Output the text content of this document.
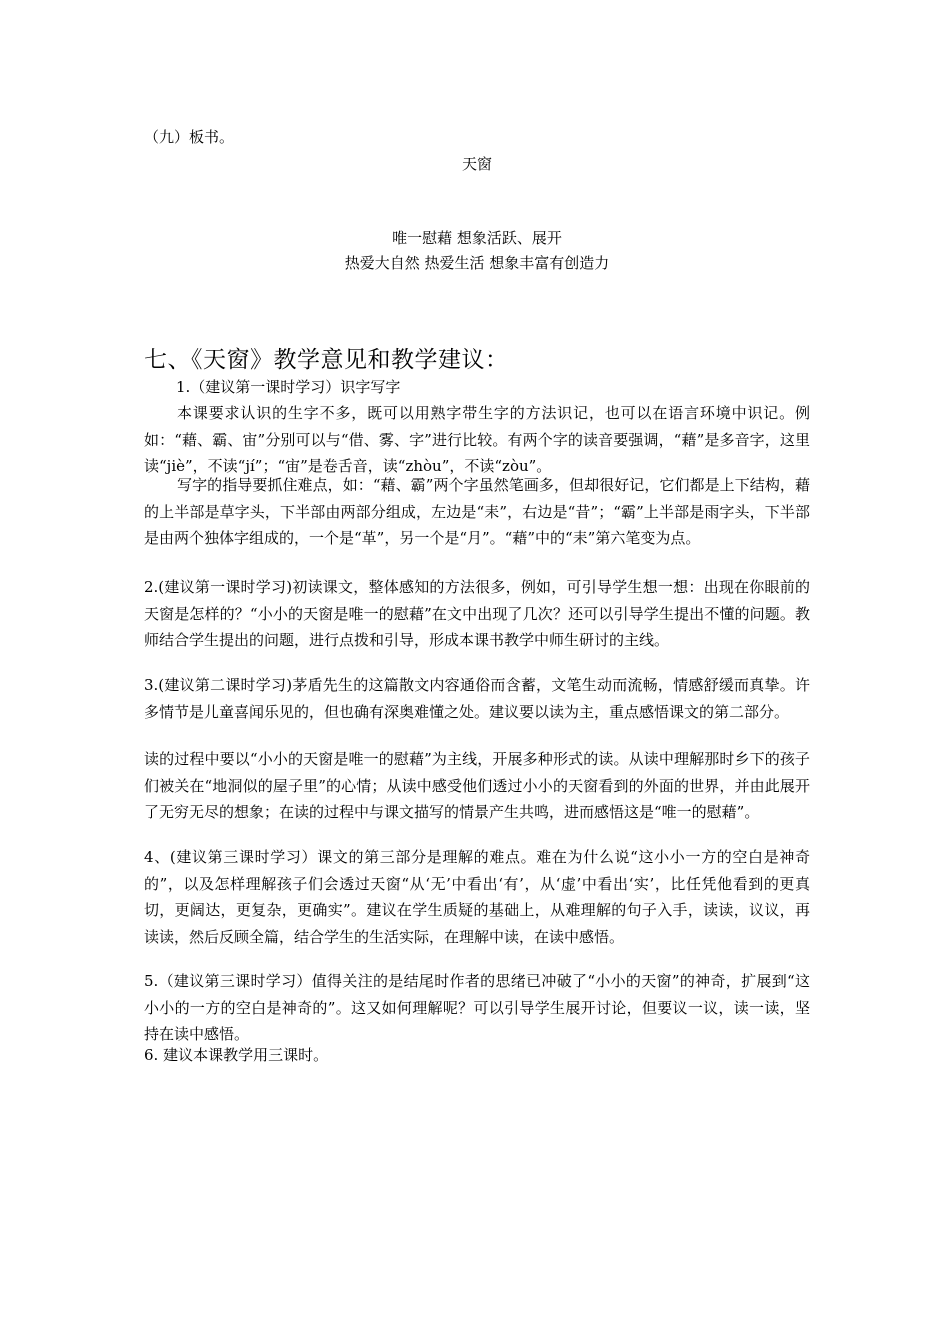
（九）板书。

天窗

唯一慰藉 想象活跃、展开

热爱大自然 热爱生活 想象丰富有创造力

七、《天窗》教学意见和教学建议：

1.（建议第一课时学习）识字写字

本课要求认识的生字不多，既可以用熟字带生字的方法识记，也可以在语言环境中识记。例如：“藉、霸、宙”分别可以与“借、雾、字”进行比较。有两个字的读音要强调，“藉”是多音字，这里读“jiè”，不读“jí”；“宙”是卷舌音，读“zhòu”，不读“zòu”。

写字的指导要抓住难点，如：“藉、霸”两个字虽然笔画多，但却很好记，它们都是上下结构，藉的上半部是草字头，下半部由两部分组成，左边是“耒”，右边是“昔”；“霸”上半部是雨字头，下半部是由两个独体字组成的，一个是“革”，另一个是“月”。“藉”中的“耒”第六笔变为点。

2.(建议第一课时学习)初读课文，整体感知的方法很多，例如，可引导学生想一想：出现在你眼前的天窗是怎样的？“小小的天窗是唯一的慰藉”在文中出现了几次？还可以引导学生提出不懂的问题。教师结合学生提出的问题，进行点拨和引导，形成本课书教学中师生研讨的主线。

3.(建议第二课时学习)茅盾先生的这篇散文内容通俗而含蓄，文笔生动而流畅，情感舒缓而真挚。许多情节是儿童喜闻乐见的，但也确有深奥难懂之处。建议要以读为主，重点感悟课文的第二部分。

读的过程中要以“小小的天窗是唯一的慰藉”为主线，开展多种形式的读。从读中理解那时乡下的孩子们被关在“地洞似的屋子里”的心情；从读中感受他们透过小小的天窗看到的外面的世界，并由此展开了无穷无尽的想象；在读的过程中与课文描写的情景产生共鸣，进而感悟这是“唯一的慰藉”。

4、(建议第三课时学习）课文的第三部分是理解的难点。难在为什么说“这小小一方的空白是神奇的”，以及怎样理解孩子们会透过天窗“从‘无’中看出‘有’，从‘虚’中看出‘实’，比任凭他看到的更真切，更阔达，更复杂，更确实”。建议在学生质疑的基础上，从难理解的句子入手，读读，议议，再读读，然后反顾全篇，结合学生的生活实际，在理解中读，在读中感悟。

5.（建议第三课时学习）值得关注的是结尾时作者的思绪已冲破了“小小的天窗”的神奇，扩展到“这小小的一方的空白是神奇的”。这又如何理解呢？可以引导学生展开讨论，但要议一议，读一读，坚持在读中感悟。

6. 建议本课教学用三课时。
